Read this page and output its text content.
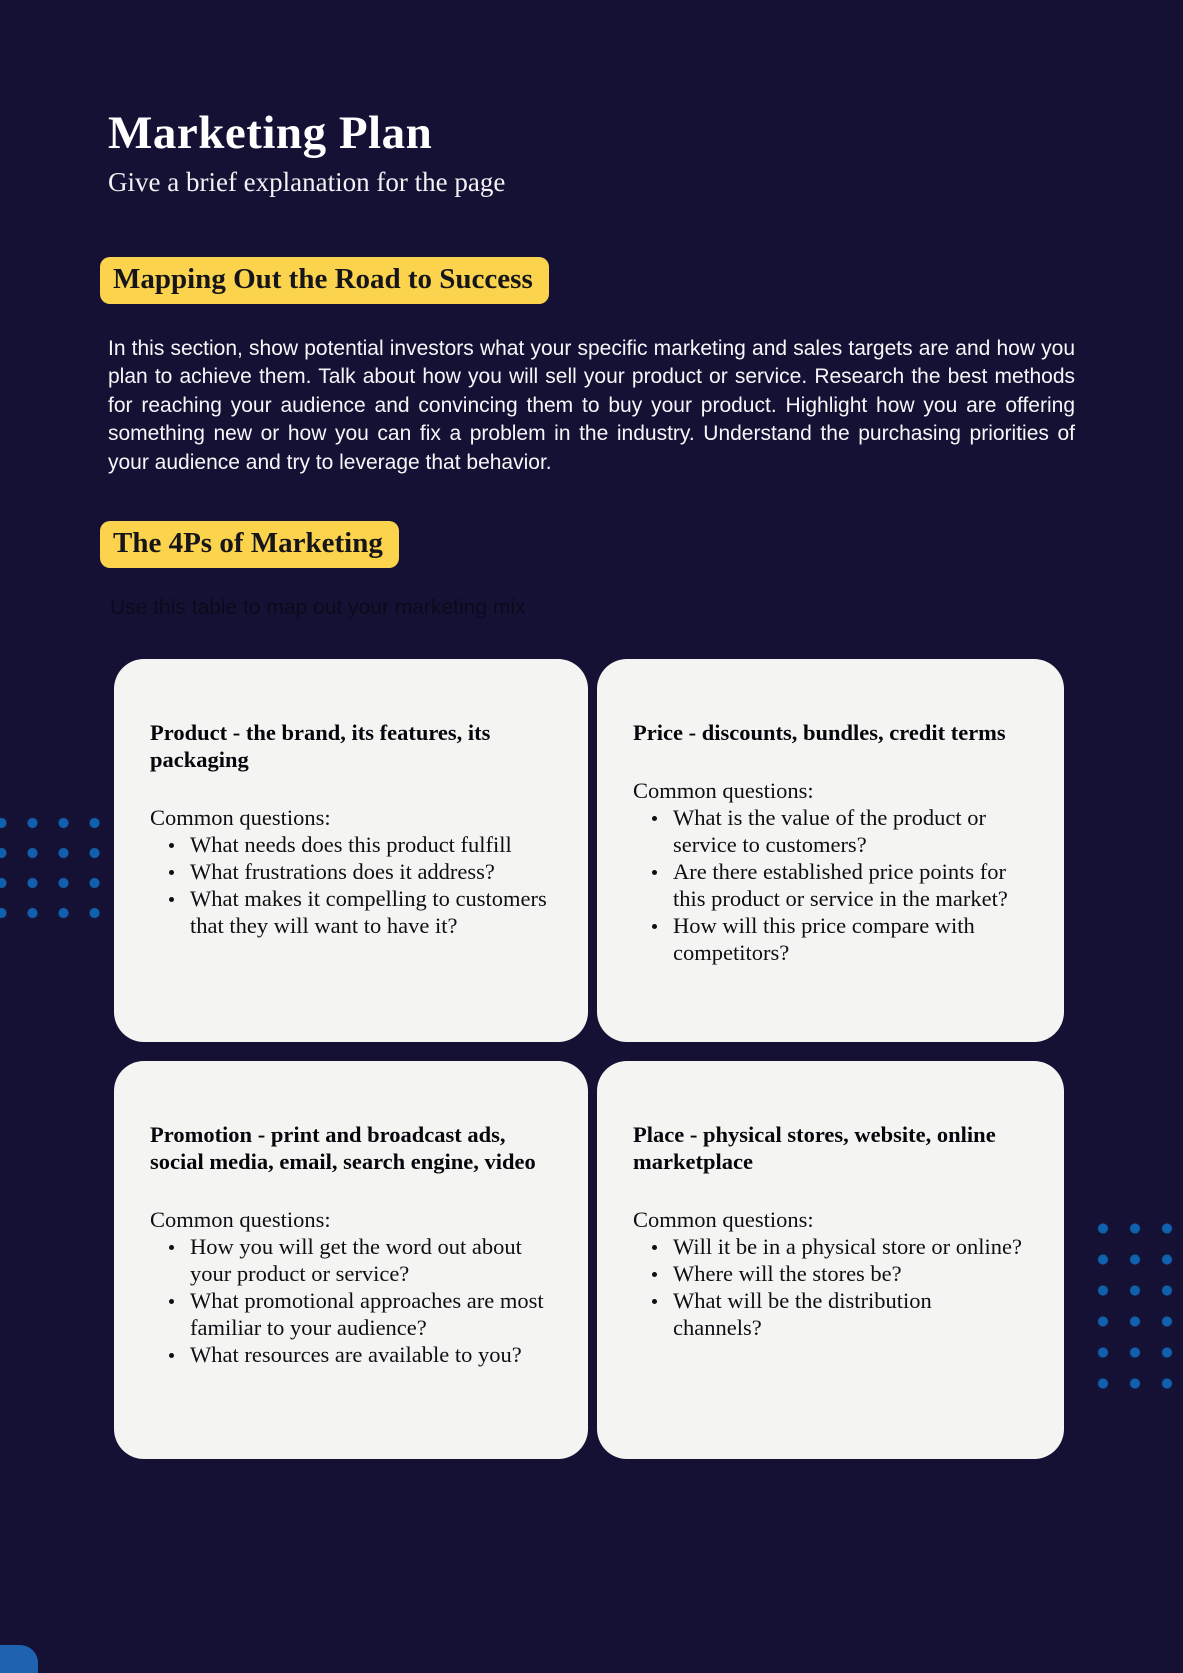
Marketing Plan

Give a brief explanation for the page

Mapping Out the Road to Success

In this section, show potential investors what your specific marketing and sales targets are and how you plan to achieve them. Talk about how you will sell your product or service. Research the best methods for reaching your audience and convincing them to buy your product. Highlight how you are offering something new or how you can fix a problem in the industry. Understand the purchasing priorities of your audience and try to leverage that behavior.

The 4Ps of Marketing

Use this table to map out your marketing mix

Product - the brand, its features, its packaging

Common questions:

What needs does this product fulfill
What frustrations does it address?
What makes it compelling to customers that they will want to have it?
Price - discounts, bundles, credit terms

Common questions:

What is the value of the product or service to customers?
Are there established price points for this product or service in the market?
How will this price compare with competitors?
Promotion - print and broadcast ads, social media, email, search engine, video

Common questions:

How you will get the word out about your product or service?
What promotional approaches are most familiar to your audience?
What resources are available to you?
Place - physical stores, website, online marketplace

Common questions:

Will it be in a physical store or online?
Where will the stores be?
What will be the distribution channels?
